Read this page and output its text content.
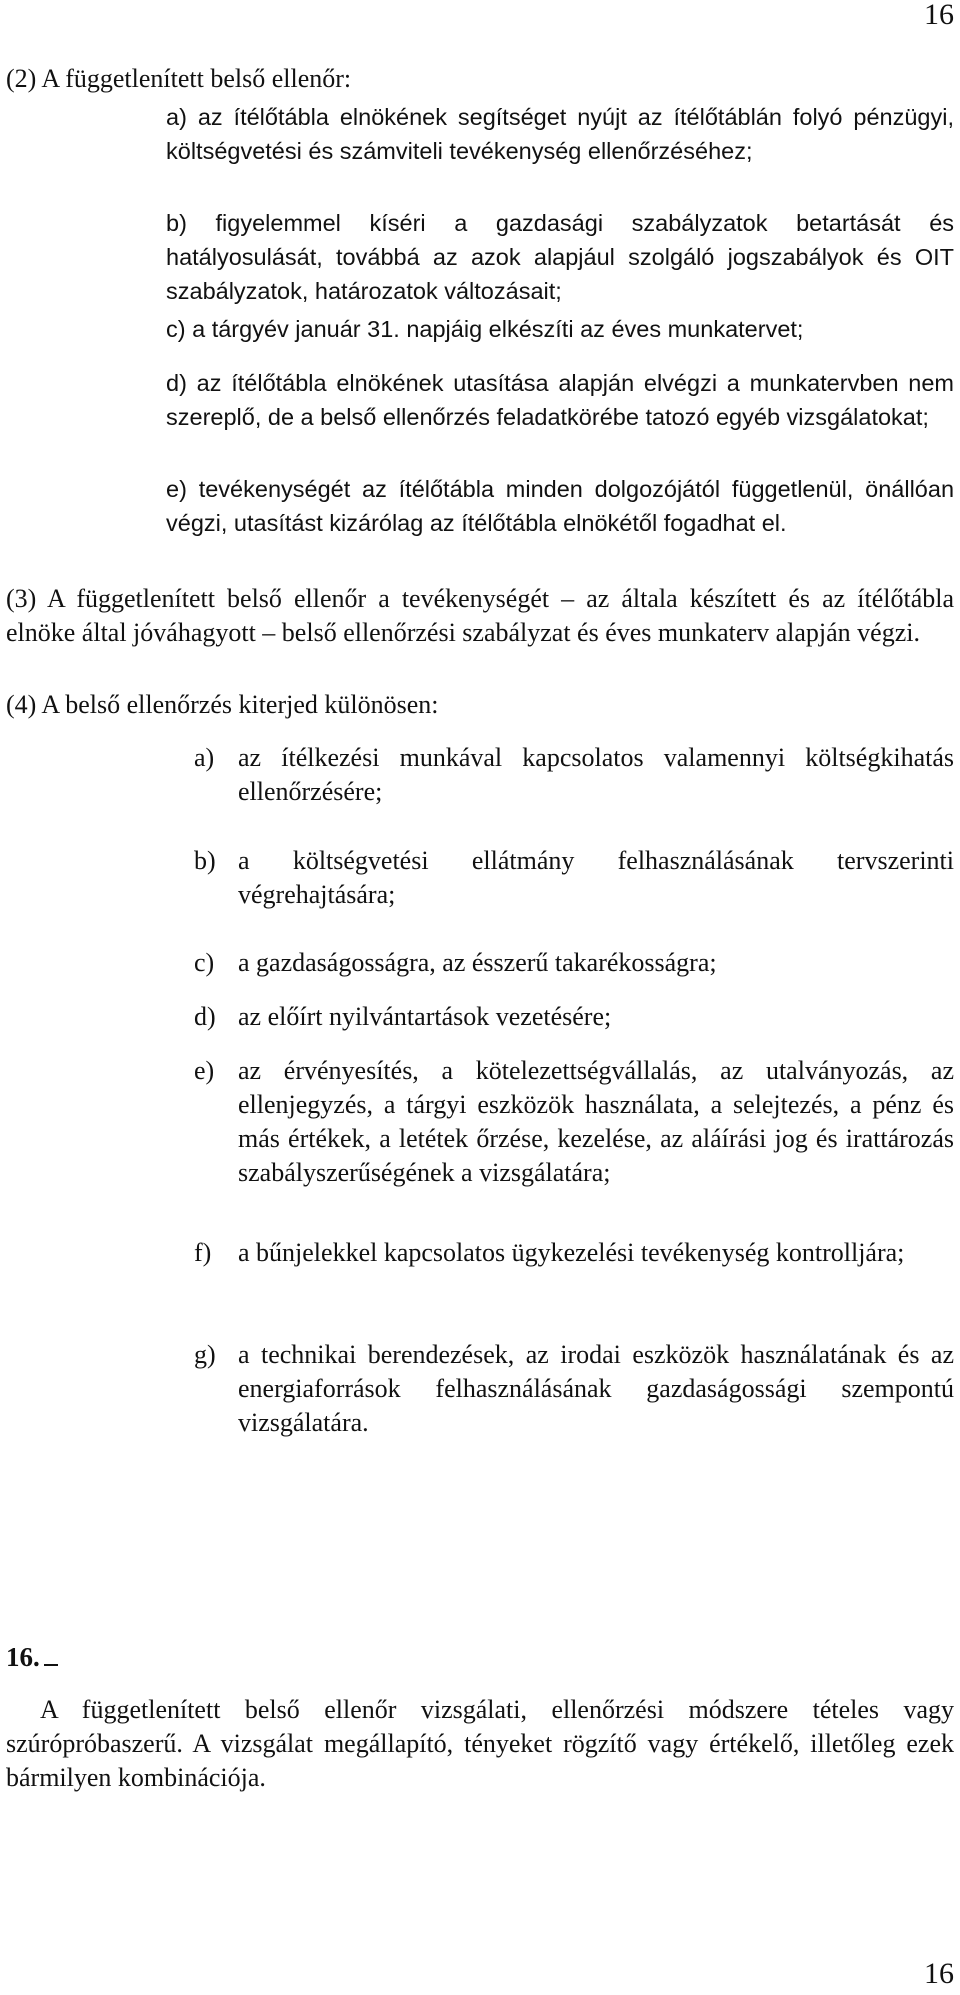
16
(2) A függetlenített belső ellenőr:
a) az ítélőtábla elnökének segítséget nyújt az ítélőtáblán folyó pénzügyi, költségvetési és számviteli tevékenység ellenőrzéséhez;
b) figyelemmel kíséri a gazdasági szabályzatok betartását és hatályosulását, továbbá az azok alapjául szolgáló jogszabályok és OIT szabályzatok, határozatok változásait;
c) a tárgyév január 31. napjáig elkészíti az éves munkatervet;
d) az ítélőtábla elnökének utasítása alapján elvégzi a munkatervben nem szereplő, de a belső ellenőrzés feladatkörébe tatozó egyéb vizsgálatokat;
e) tevékenységét az ítélőtábla minden dolgozójától függetlenül, önállóan végzi, utasítást kizárólag az ítélőtábla elnökétől fogadhat el.
(3) A függetlenített belső ellenőr a tevékenységét – az általa készített és az ítélőtábla elnöke által jóváhagyott – belső ellenőrzési szabályzat és éves munkaterv alapján végzi.
(4) A belső ellenőrzés kiterjed különösen:
a) az ítélkezési munkával kapcsolatos valamennyi költségkihatás ellenőrzésére;
b) a költségvetési ellátmány felhasználásának tervszerinti végrehajtására;
c) a gazdaságosságra, az ésszerű takarékosságra;
d) az előírt nyilvántartások vezetésére;
e) az érvényesítés, a kötelezettségvállalás, az utalványozás, az ellenjegyzés, a tárgyi eszközök használata, a selejtezés, a pénz és más értékek, a letétek őrzése, kezelése, az aláírási jog és irattározás szabályszerűségének a vizsgálatára;
f) a bűnjelekkel kapcsolatos ügykezelési tevékenység kontrolljára;
g) a technikai berendezések, az irodai eszközök használatának és az energiaforrások felhasználásának gazdaságossági szempontú vizsgálatára.
16.
A függetlenített belső ellenőr vizsgálati, ellenőrzési módszere tételes vagy szúrópróbaszerű. A vizsgálat megállapító, tényeket rögzítő vagy értékelő, illetőleg ezek bármilyen kombinációja.
16
